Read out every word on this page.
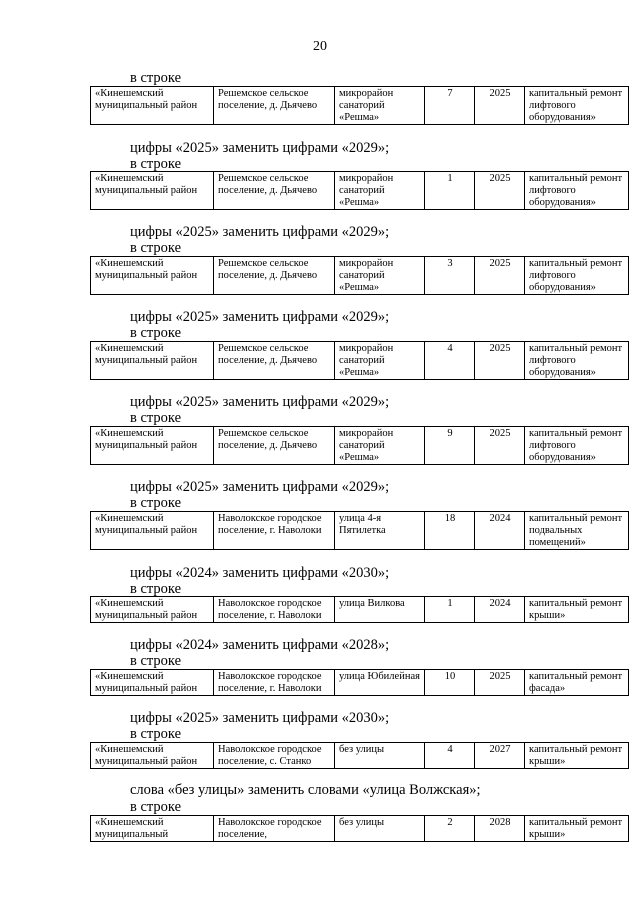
20
в строке
«Кинешемский муниципальный район	Решемское сельское поселение, д. Дьячево	микрорайон санаторий «Решма»	7	2025	капитальный ремонт лифтового оборудования»
цифры «2025» заменить цифрами «2029»;
в строке
«Кинешемский муниципальный район	Решемское сельское поселение, д. Дьячево	микрорайон санаторий «Решма»	1	2025	капитальный ремонт лифтового оборудования»
цифры «2025» заменить цифрами «2029»;
в строке
«Кинешемский муниципальный район	Решемское сельское поселение, д. Дьячево	микрорайон санаторий «Решма»	3	2025	капитальный ремонт лифтового оборудования»
цифры «2025» заменить цифрами «2029»;
в строке
«Кинешемский муниципальный район	Решемское сельское поселение, д. Дьячево	микрорайон санаторий «Решма»	4	2025	капитальный ремонт лифтового оборудования»
цифры «2025» заменить цифрами «2029»;
в строке
«Кинешемский муниципальный район	Решемское сельское поселение, д. Дьячево	микрорайон санаторий «Решма»	9	2025	капитальный ремонт лифтового оборудования»
цифры «2025» заменить цифрами «2029»;
в строке
«Кинешемский муниципальный район	Наволокское городское поселение, г. Наволоки	улица 4-я Пятилетка	18	2024	капитальный ремонт подвальных помещений»
цифры «2024» заменить цифрами «2030»;
в строке
«Кинешемский муниципальный район	Наволокское городское поселение, г. Наволоки	улица Вилкова	1	2024	капитальный ремонт крыши»
цифры «2024» заменить цифрами «2028»;
в строке
«Кинешемский муниципальный район	Наволокское городское поселение, г. Наволоки	улица Юбилейная	10	2025	капитальный ремонт фасада»
цифры «2025» заменить цифрами «2030»;
в строке
«Кинешемский муниципальный район	Наволокское городское поселение, с. Станко	без улицы	4	2027	капитальный ремонт крыши»
слова «без улицы» заменить словами «улица Волжская»;
в строке
«Кинешемский муниципальный	Наволокское городское поселение,	без улицы	2	2028	капитальный ремонт крыши»
